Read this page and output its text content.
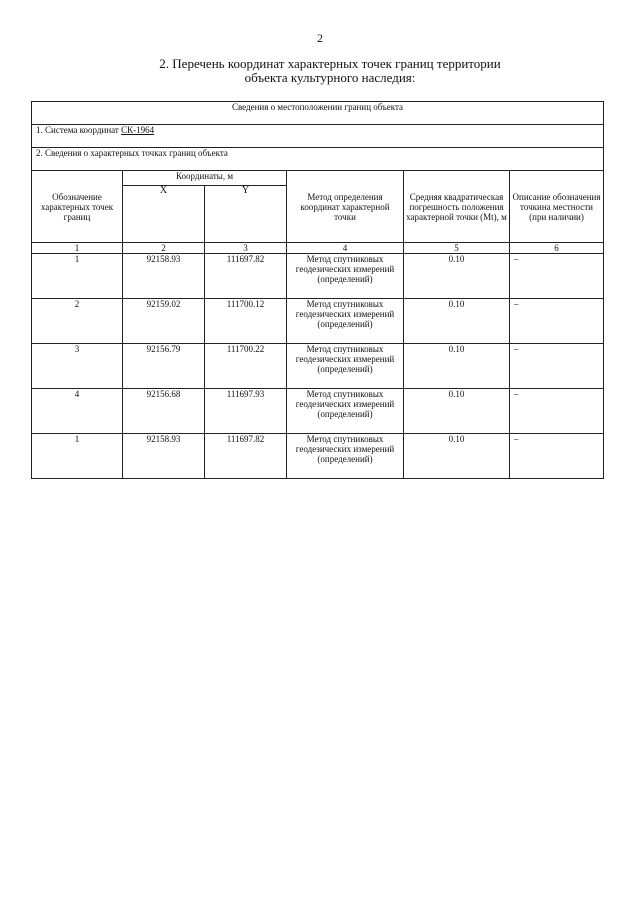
2
2. Перечень координат характерных точек границ территории
объекта культурного наследия:
Сведения о местоположении границ объекта					
1. Система координат СК-1964					
2. Сведения о характерных точках границ объекта					
Обозначение характерных точек границ	Координаты, м		Метод определения координат характерной точки	Средняя квадратическая погрешность положения характерной точки (Mt), м	Описание обозначения точкина местности (при наличии)
	X	Y			
1	2	3	4	5	6
1	92158.93	111697.82	Метод спутниковых геодезических измерений (определений)	0.10	–
2	92159.02	111700.12	Метод спутниковых геодезических измерений (определений)	0.10	–
3	92156.79	111700.22	Метод спутниковых геодезических измерений (определений)	0.10	–
4	92156.68	111697.93	Метод спутниковых геодезических измерений (определений)	0.10	–
1	92158.93	111697.82	Метод спутниковых геодезических измерений (определений)	0.10	–
